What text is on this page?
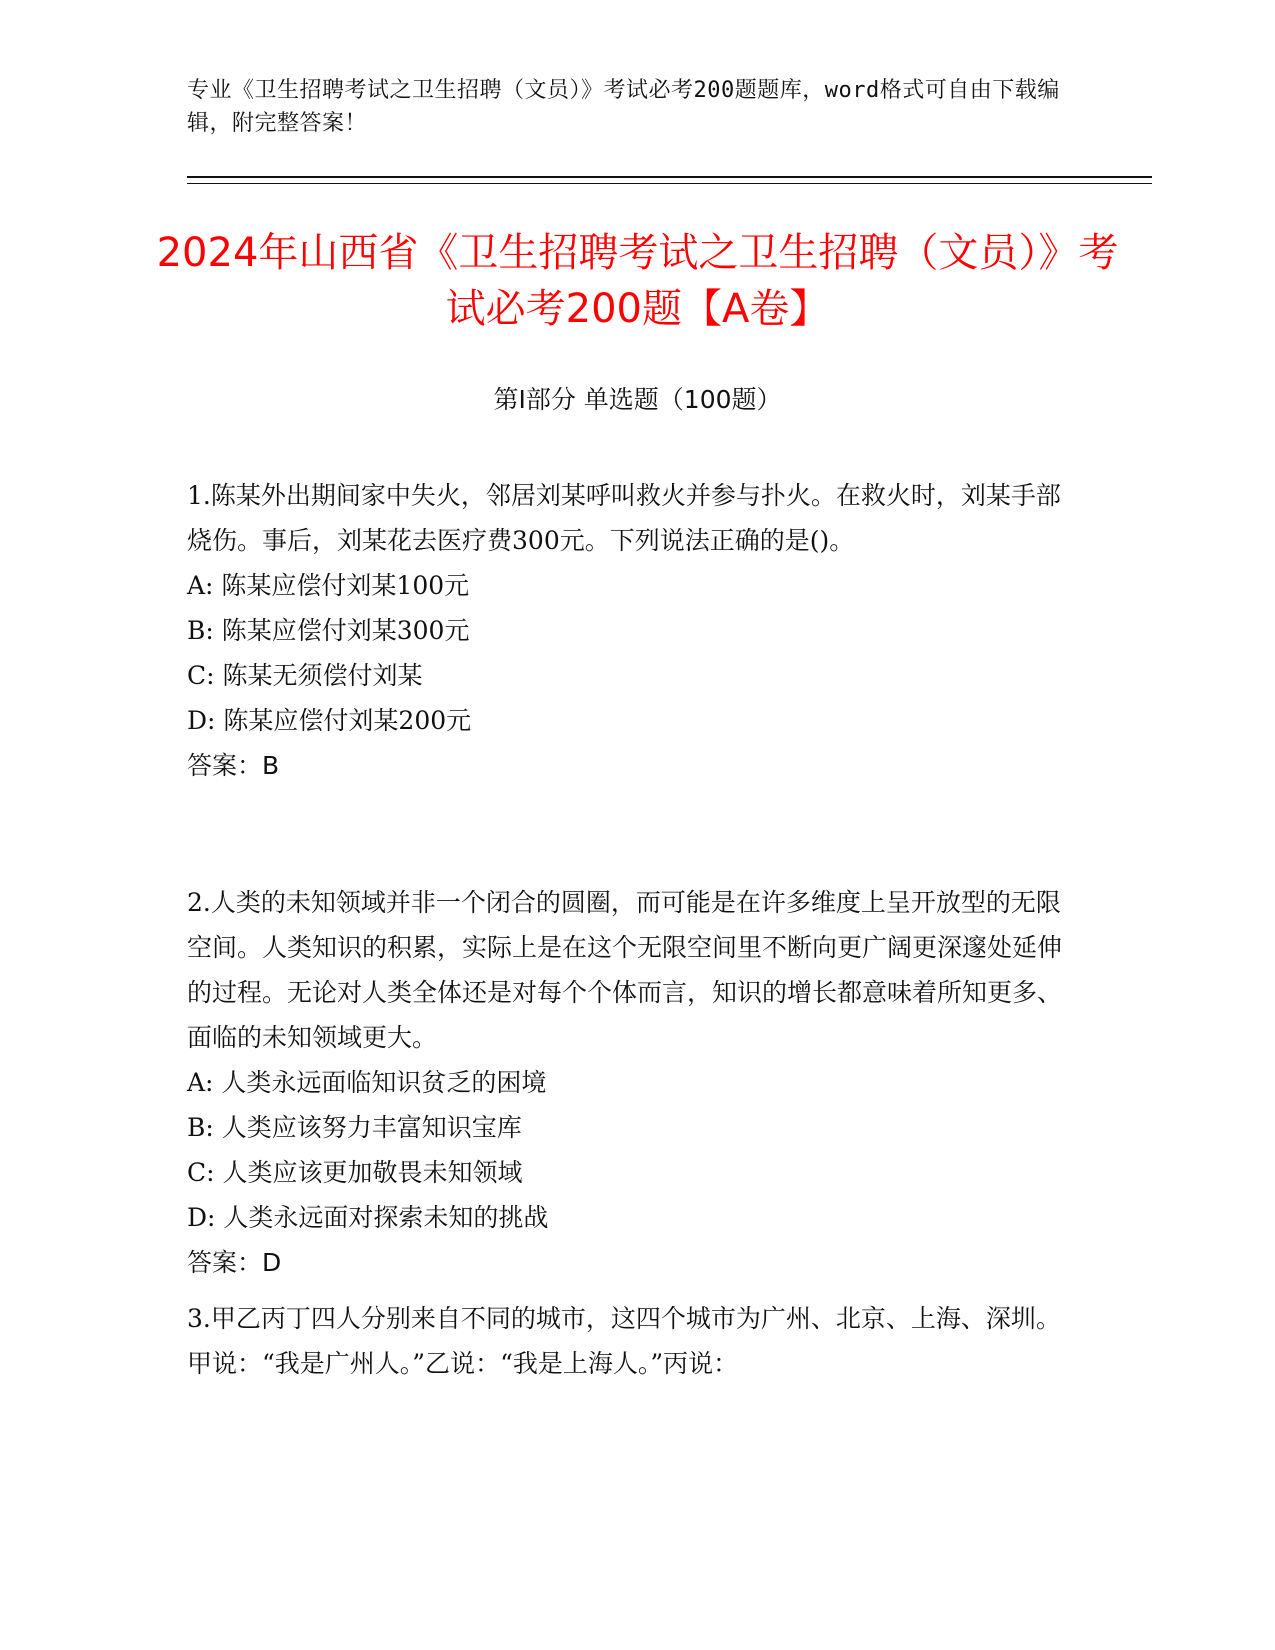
专业《卫生招聘考试之卫生招聘（文员）》考试必考200题题库，word格式可自由下载编辑，附完整答案！
2024年山西省《卫生招聘考试之卫生招聘（文员）》考试必考200题【A卷】
第I部分 单选题（100题）

1.陈某外出期间家中失火，邻居刘某呼叫救火并参与扑火。在救火时，刘某手部烧伤。事后，刘某花去医疗费300元。下列说法正确的是()。

A: 陈某应偿付刘某100元

B: 陈某应偿付刘某300元

C: 陈某无须偿付刘某

D: 陈某应偿付刘某200元

答案：B

2.人类的未知领域并非一个闭合的圆圈，而可能是在许多维度上呈开放型的无限空间。人类知识的积累，实际上是在这个无限空间里不断向更广阔更深邃处延伸的过程。无论对人类全体还是对每个个体而言，知识的增长都意味着所知更多、面临的未知领域更大。

A: 人类永远面临知识贫乏的困境

B: 人类应该努力丰富知识宝库

C: 人类应该更加敬畏未知领域

D: 人类永远面对探索未知的挑战

答案：D

3.甲乙丙丁四人分别来自不同的城市，这四个城市为广州、北京、上海、深圳。甲说：“我是广州人。”乙说：“我是上海人。”丙说：
